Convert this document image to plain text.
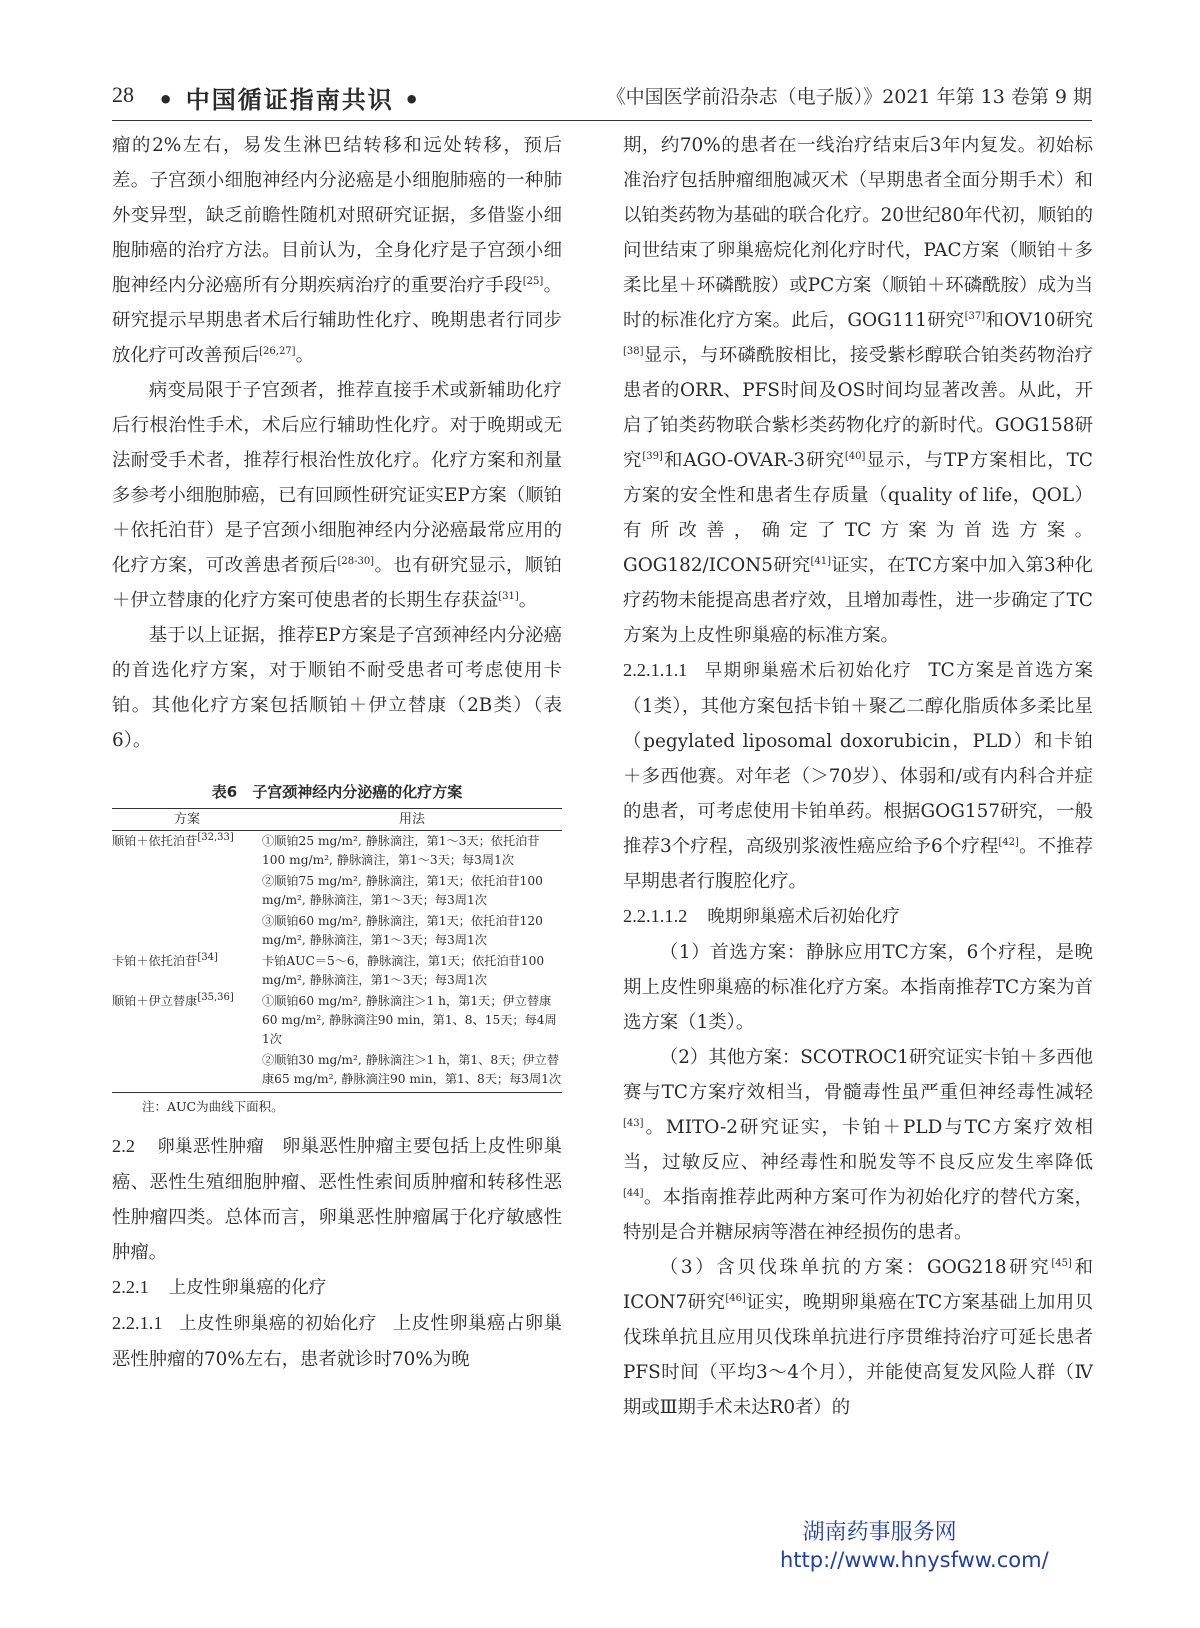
28 • 中国循证指南共识 •	《中国医学前沿杂志（电子版）》2021 年第 13 卷第 9 期

瘤的2%左右，易发生淋巴结转移和远处转移，预后差。子宫颈小细胞神经内分泌癌是小细胞肺癌的一种肺外变异型，缺乏前瞻性随机对照研究证据，多借鉴小细胞肺癌的治疗方法。目前认为，全身化疗是子宫颈小细胞神经内分泌癌所有分期疾病治疗的重要治疗手段[25]。研究提示早期患者术后行辅助性化疗、晚期患者行同步放化疗可改善预后[26,27]。

病变局限于子宫颈者，推荐直接手术或新辅助化疗后行根治性手术，术后应行辅助性化疗。对于晚期或无法耐受手术者，推荐行根治性放化疗。化疗方案和剂量多参考小细胞肺癌，已有回顾性研究证实EP方案（顺铂＋依托泊苷）是子宫颈小细胞神经内分泌癌最常应用的化疗方案，可改善患者预后[28-30]。也有研究显示，顺铂＋伊立替康的化疗方案可使患者的长期生存获益[31]。

基于以上证据，推荐EP方案是子宫颈神经内分泌癌的首选化疗方案，对于顺铂不耐受患者可考虑使用卡铂。其他化疗方案包括顺铂＋伊立替康（2B类）（表6）。

表6　子宫颈神经内分泌癌的化疗方案
方案	用法
顺铂＋依托泊苷[32,33]	①顺铂25 mg/m², 静脉滴注，第1～3天；依托泊苷100 mg/m², 静脉滴注，第1～3天；每3周1次
	②顺铂75 mg/m², 静脉滴注，第1天；依托泊苷100 mg/m², 静脉滴注，第1～3天；每3周1次
	③顺铂60 mg/m², 静脉滴注，第1天；依托泊苷120 mg/m², 静脉滴注，第1～3天；每3周1次
卡铂＋依托泊苷[34]	卡铂AUC＝5～6，静脉滴注，第1天；依托泊苷100 mg/m², 静脉滴注，第1～3天；每3周1次
顺铂＋伊立替康[35,36]	①顺铂60 mg/m², 静脉滴注＞1 h，第1天；伊立替康60 mg/m², 静脉滴注90 min，第1、8、15天；每4周1次
	②顺铂30 mg/m², 静脉滴注＞1 h，第1、8天；伊立替康65 mg/m², 静脉滴注90 min，第1、8天；每3周1次
注：AUC为曲线下面积。

2.2 卵巢恶性肿瘤 卵巢恶性肿瘤主要包括上皮性卵巢癌、恶性生殖细胞肿瘤、恶性性索间质肿瘤和转移性恶性肿瘤四类。总体而言，卵巢恶性肿瘤属于化疗敏感性肿瘤。

2.2.1 上皮性卵巢癌的化疗

2.2.1.1 上皮性卵巢癌的初始化疗 上皮性卵巢癌占卵巢恶性肿瘤的70%左右，患者就诊时70%为晚

期，约70%的患者在一线治疗结束后3年内复发。初始标准治疗包括肿瘤细胞减灭术（早期患者全面分期手术）和以铂类药物为基础的联合化疗。20世纪80年代初，顺铂的问世结束了卵巢癌烷化剂化疗时代，PAC方案（顺铂＋多柔比星＋环磷酰胺）或PC方案（顺铂＋环磷酰胺）成为当时的标准化疗方案。此后，GOG111研究[37]和OV10研究[38]显示，与环磷酰胺相比，接受紫杉醇联合铂类药物治疗患者的ORR、PFS时间及OS时间均显著改善。从此，开启了铂类药物联合紫杉类药物化疗的新时代。GOG158研究[39]和AGO-OVAR-3研究[40]显示，与TP方案相比，TC方案的安全性和患者生存质量（quality of life，QOL）有所改善，确定了TC方案为首选方案。GOG182/ICON5研究[41]证实，在TC方案中加入第3种化疗药物未能提高患者疗效，且增加毒性，进一步确定了TC方案为上皮性卵巢癌的标准方案。

2.2.1.1.1 早期卵巢癌术后初始化疗 TC方案是首选方案（1类），其他方案包括卡铂＋聚乙二醇化脂质体多柔比星（pegylated liposomal doxorubicin，PLD）和卡铂＋多西他赛。对年老（＞70岁）、体弱和/或有内科合并症的患者，可考虑使用卡铂单药。根据GOG157研究，一般推荐3个疗程，高级别浆液性癌应给予6个疗程[42]。不推荐早期患者行腹腔化疗。

2.2.1.1.2 晚期卵巢癌术后初始化疗

（1）首选方案：静脉应用TC方案，6个疗程，是晚期上皮性卵巢癌的标准化疗方案。本指南推荐TC方案为首选方案（1类）。

（2）其他方案：SCOTROC1研究证实卡铂＋多西他赛与TC方案疗效相当，骨髓毒性虽严重但神经毒性减轻[43]。MITO-2研究证实，卡铂＋PLD与TC方案疗效相当，过敏反应、神经毒性和脱发等不良反应发生率降低[44]。本指南推荐此两种方案可作为初始化疗的替代方案，特别是合并糖尿病等潜在神经损伤的患者。

（3）含贝伐珠单抗的方案：GOG218研究[45]和ICON7研究[46]证实，晚期卵巢癌在TC方案基础上加用贝伐珠单抗且应用贝伐珠单抗进行序贯维持治疗可延长患者PFS时间（平均3～4个月），并能使高复发风险人群（Ⅳ期或Ⅲ期手术未达R0者）的

湖南药事服务网
http://www.hnysfww.com/
